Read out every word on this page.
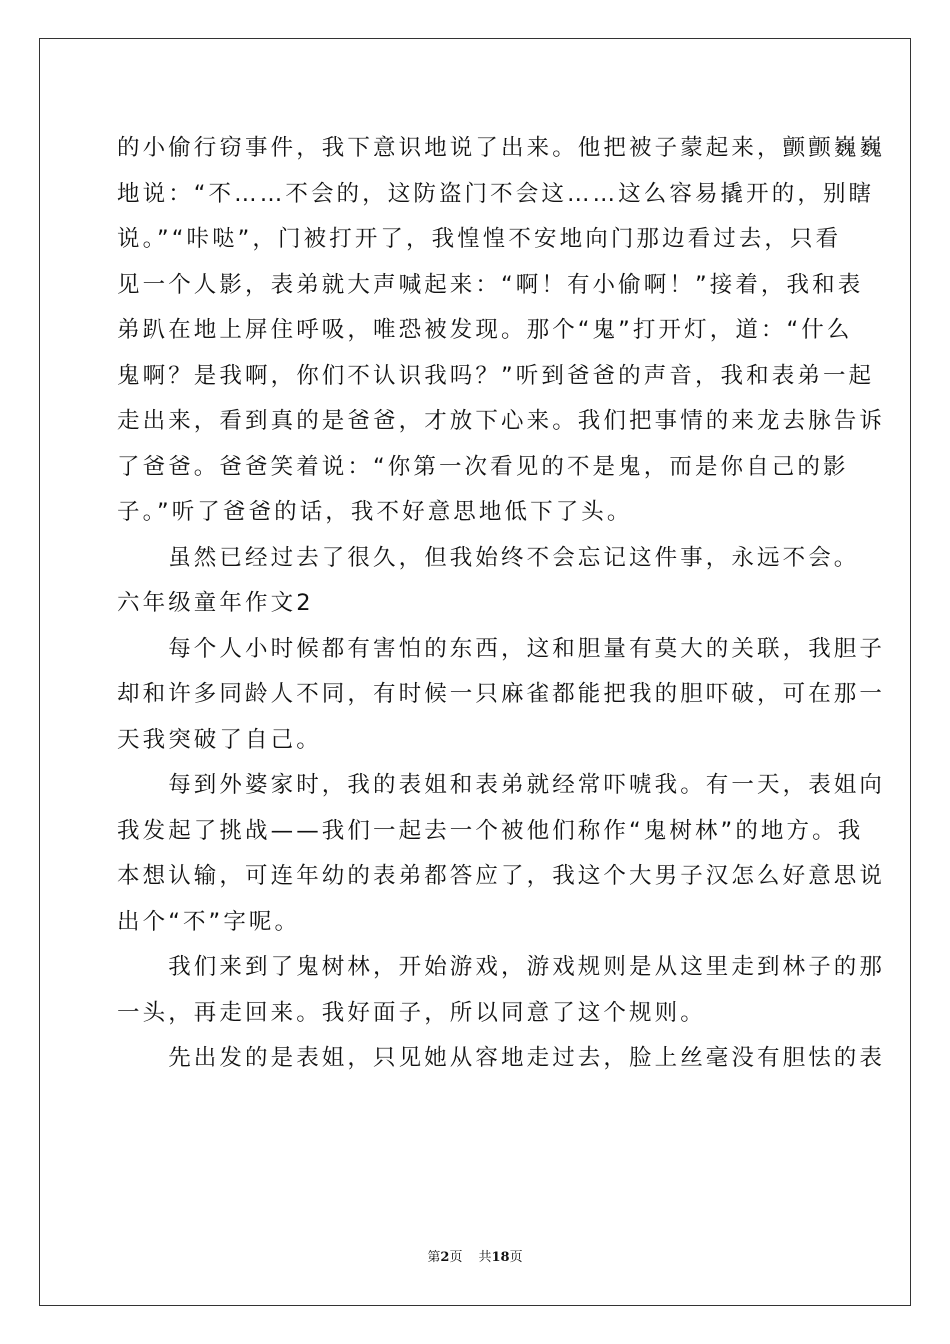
的小偷行窃事件，我下意识地说了出来。他把被子蒙起来，颤颤巍巍

地说：“不……不会的，这防盗门不会这……这么容易撬开的，别瞎

说。”“咔哒”，门被打开了，我惶惶不安地向门那边看过去，只看

见一个人影，表弟就大声喊起来：“啊！有小偷啊！”接着，我和表

弟趴在地上屏住呼吸，唯恐被发现。那个“鬼”打开灯，道：“什么

鬼啊？是我啊，你们不认识我吗？”听到爸爸的声音，我和表弟一起

走出来，看到真的是爸爸，才放下心来。我们把事情的来龙去脉告诉

了爸爸。爸爸笑着说：“你第一次看见的不是鬼，而是你自己的影

子。”听了爸爸的话，我不好意思地低下了头。

　　虽然已经过去了很久，但我始终不会忘记这件事，永远不会。

六年级童年作文2

　　每个人小时候都有害怕的东西，这和胆量有莫大的关联，我胆子

却和许多同龄人不同，有时候一只麻雀都能把我的胆吓破，可在那一

天我突破了自己。

　　每到外婆家时，我的表姐和表弟就经常吓唬我。有一天，表姐向

我发起了挑战——我们一起去一个被他们称作“鬼树林”的地方。我

本想认输，可连年幼的表弟都答应了，我这个大男子汉怎么好意思说

出个“不”字呢。

　　我们来到了鬼树林，开始游戏，游戏规则是从这里走到林子的那

一头，再走回来。我好面子，所以同意了这个规则。

　　先出发的是表姐，只见她从容地走过去，脸上丝毫没有胆怯的表

第2页 共18页
